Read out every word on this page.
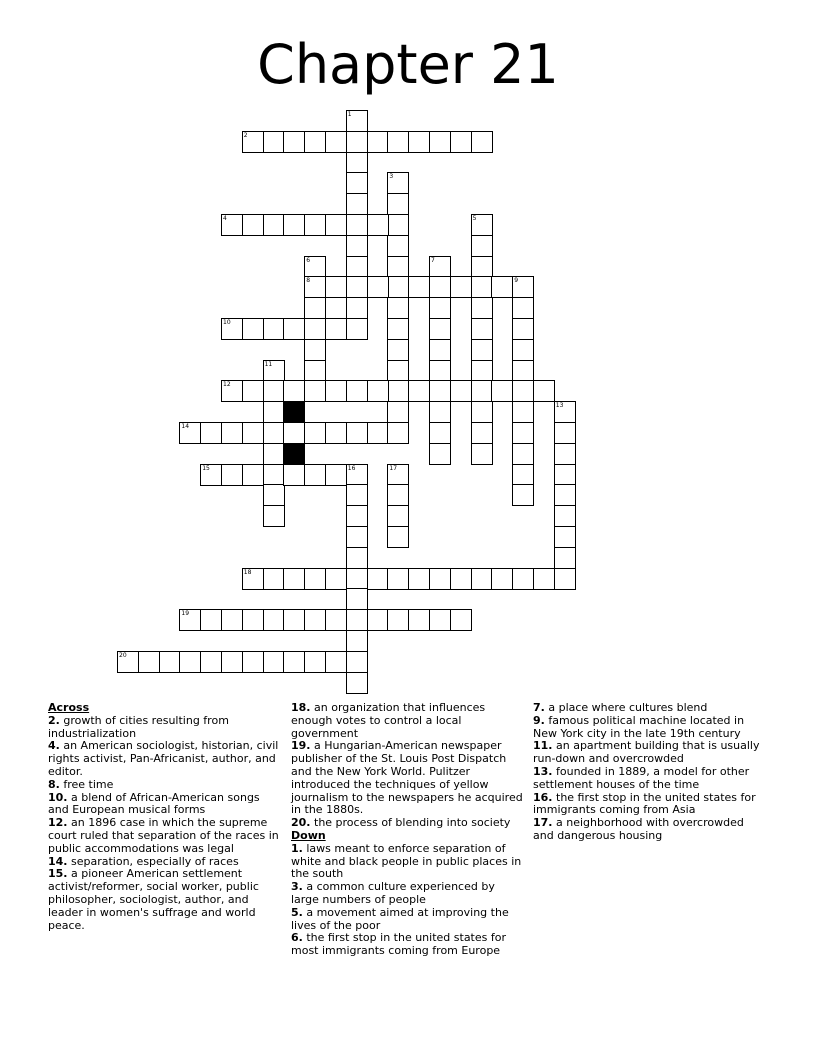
Chapter 21
1
2
3
4	5
6	7
8	9
10
11
12
13
14
15	16	17
18
19
20

Across

2. growth of cities resulting from industrialization

4. an American sociologist, historian, civil rights activist, Pan-Africanist, author, and editor.

8. free time

10. a blend of African-American songs and European musical forms

12. an 1896 case in which the supreme court ruled that separation of the races in public accommodations was legal

14. separation, especially of races

15. a pioneer American settlement activist/reformer, social worker, public philosopher, sociologist, author, and leader in women's suffrage and world peace.

18. an organization that influences enough votes to control a local government

19. a Hungarian-American newspaper publisher of the St. Louis Post Dispatch and the New York World. Pulitzer introduced the techniques of yellow journalism to the newspapers he acquired in the 1880s.

20. the process of blending into society

Down

1. laws meant to enforce separation of white and black people in public places in the south

3. a common culture experienced by large numbers of people

5. a movement aimed at improving the lives of the poor

6. the first stop in the united states for most immigrants coming from Europe

7. a place where cultures blend

9. famous political machine located in New York city in the late 19th century

11. an apartment building that is usually run-down and overcrowded

13. founded in 1889, a model for other settlement houses of the time

16. the first stop in the united states for immigrants coming from Asia

17. a neighborhood with overcrowded and dangerous housing
